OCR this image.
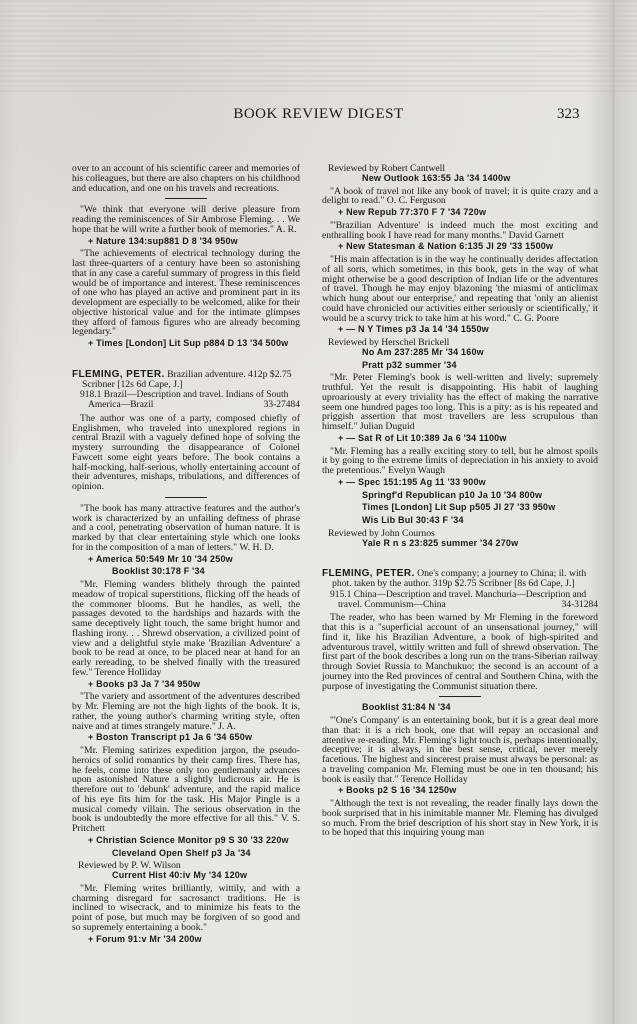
BOOK REVIEW DIGEST	323
over to an account of his scientific career and memories of his colleagues, but there are also chapters on his childhood and education, and one on his travels and recreations.
"We think that everyone will derive pleasure from reading the reminiscences of Sir Ambrose Fleming. . . We hope that he will write a further book of memories." A. R.
+ Nature 134:sup881 D 8 '34 950w
"The achievements of electrical technology during the last three-quarters of a century have been so astonishing that in any case a careful summary of progress in this field would be of importance and interest. These reminiscences of one who has played an active and prominent part in its development are especially to be welcomed, alike for their objective historical value and for the intimate glimpses they afford of famous figures who are already becoming legendary."
+ Times [London] Lit Sup p884 D 13 '34 500w
FLEMING, PETER. Brazilian adventure. 412p $2.75 Scribner [12s 6d Cape, J.]
918.1 Brazil—Description and travel. Indians of South America—Brazil	33-27484
The author was one of a party, composed chiefly of Englishmen, who traveled into unexplored regions in central Brazil with a vaguely defined hope of solving the mystery surrounding the disappearance of Colonel Fawcett some eight years before. The book contains a half-mocking, half-serious, wholly entertaining account of their adventures, mishaps, tribulations, and differences of opinion.
"The book has many attractive features and the author's work is characterized by an unfailing deftness of phrase and a cool, penetrating observation of human nature. It is marked by that clear entertaining style which one looks for in the composition of a man of letters." W. H. D.
+ America 50:549 Mr 10 '34 250w
Booklist 30:178 F '34
"Mr. Fleming wanders blithely through the painted meadow of tropical superstitions, flicking off the heads of the commoner blooms. But he handles, as well, the passages devoted to the hardships and hazards with the same deceptively light touch, the same bright humor and flashing irony. . . Shrewd observation, a civilized point of view and a delightful style make 'Brazilian Adventure' a book to be read at once, to be placed near at hand for an early rereading, to be shelved finally with the treasured few." Terence Holliday
+ Books p3 Ja 7 '34 950w
"The variety and assortment of the adventures described by Mr. Fleming are not the high lights of the book. It is, rather, the young author's charming writing style, often naive and at times strangely mature." J. A.
+ Boston Transcript p1 Ja 6 '34 650w
"Mr. Fleming satirizes expedition jargon, the pseudo-heroics of solid romantics by their camp fires. There has, he feels, come into these only too gentlemanly advances upon astonished Nature a slightly ludicrous air. He is therefore out to 'debunk' adventure, and the rapid malice of his eye fits him for the task. His Major Pingle is a musical comedy villain. The serious observation in the book is undoubtedly the more effective for all this." V. S. Pritchett
+ Christian Science Monitor p9 S 30 '33 220w
Cleveland Open Shelf p3 Ja '34
Reviewed by P. W. Wilson
Current Hist 40:iv My '34 120w
"Mr. Fleming writes brilliantly, wittily, and with a charming disregard for sacrosanct traditions. He is inclined to wisecrack, and to minimize his feats to the point of pose, but much may be forgiven of so good and so supremely entertaining a book."
+ Forum 91:v Mr '34 200w
Reviewed by Robert Cantwell
New Outlook 163:55 Ja '34 1400w
"A book of travel not like any book of travel; it is quite crazy and a delight to read." O. C. Ferguson
+ New Repub 77:370 F 7 '34 720w
"'Brazilian Adventure' is indeed much the most exciting and enthralling book I have read for many months." David Garnett
+ New Statesman & Nation 6:135 Jl 29 '33 1500w
"His main affectation is in the way he continually derides affectation of all sorts, which sometimes, in this book, gets in the way of what might otherwise be a good description of Indian life or the adventures of travel. Though he may enjoy blazoning 'the miasmi of anticlimax which hung about our enterprise,' and repeating that 'only an alienist could have chronicled our activities either seriously or scientifically,' it would be a scurvy trick to take him at his word." C. G. Poore
+ — N Y Times p3 Ja 14 '34 1550w
Reviewed by Herschel Brickell
No Am 237:285 Mr '34 160w
Pratt p32 summer '34
"Mr. Peter Fleming's book is well-written and lively; supremely truthful. Yet the result is disappointing. His habit of laughing uproariously at every triviality has the effect of making the narrative seem one hundred pages too long. This is a pity: as is his repeated and priggish assertion that most travellers are less scrupulous than himself." Julian Duguid
+ — Sat R of Lit 10:389 Ja 6 '34 1100w
"Mr. Fleming has a really exciting story to tell, but he almost spoils it by going to the extreme limits of depreciation in his anxiety to avoid the pretentious." Evelyn Waugh
+ — Spec 151:195 Ag 11 '33 900w
Springf'd Republican p10 Ja 10 '34 800w
Times [London] Lit Sup p505 Jl 27 '33 950w
Wis Lib Bul 30:43 F '34
Reviewed by John Cournos
Yale R n s 23:825 summer '34 270w
FLEMING, PETER. One's company; a journey to China; il. with phot. taken by the author. 319p $2.75 Scribner [8s 6d Cape, J.]
915.1 China—Description and travel. Manchuria—Description and travel. Communism—China	34-31284
The reader, who has been warned by Mr Fleming in the foreword that this is a "superficial account of an unsensational journey," will find it, like his Brazilian Adventure, a book of high-spirited and adventurous travel, wittily written and full of shrewd observation. The first part of the book describes a long run on the trans-Siberian railway through Soviet Russia to Manchukuo; the second is an account of a journey into the Red provinces of central and Southern China, with the purpose of investigating the Communist situation there.
Booklist 31:84 N '34
"'One's Company' is an entertaining book, but it is a great deal more than that: it is a rich book, one that will repay an occasional and attentive re-reading. Mr. Fleming's light touch is, perhaps intentionally, deceptive; it is always, in the best sense, critical, never merely facetious. The highest and sincerest praise must always be personal: as a traveling companion Mr. Fleming must be one in ten thousand; his book is easily that." Terence Holliday
+ Books p2 S 16 '34 1250w
"Although the text is not revealing, the reader finally lays down the book surprised that in his inimitable manner Mr. Fleming has divulged so much. From the brief description of his short stay in New York, it is to be hoped that this inquiring young man
